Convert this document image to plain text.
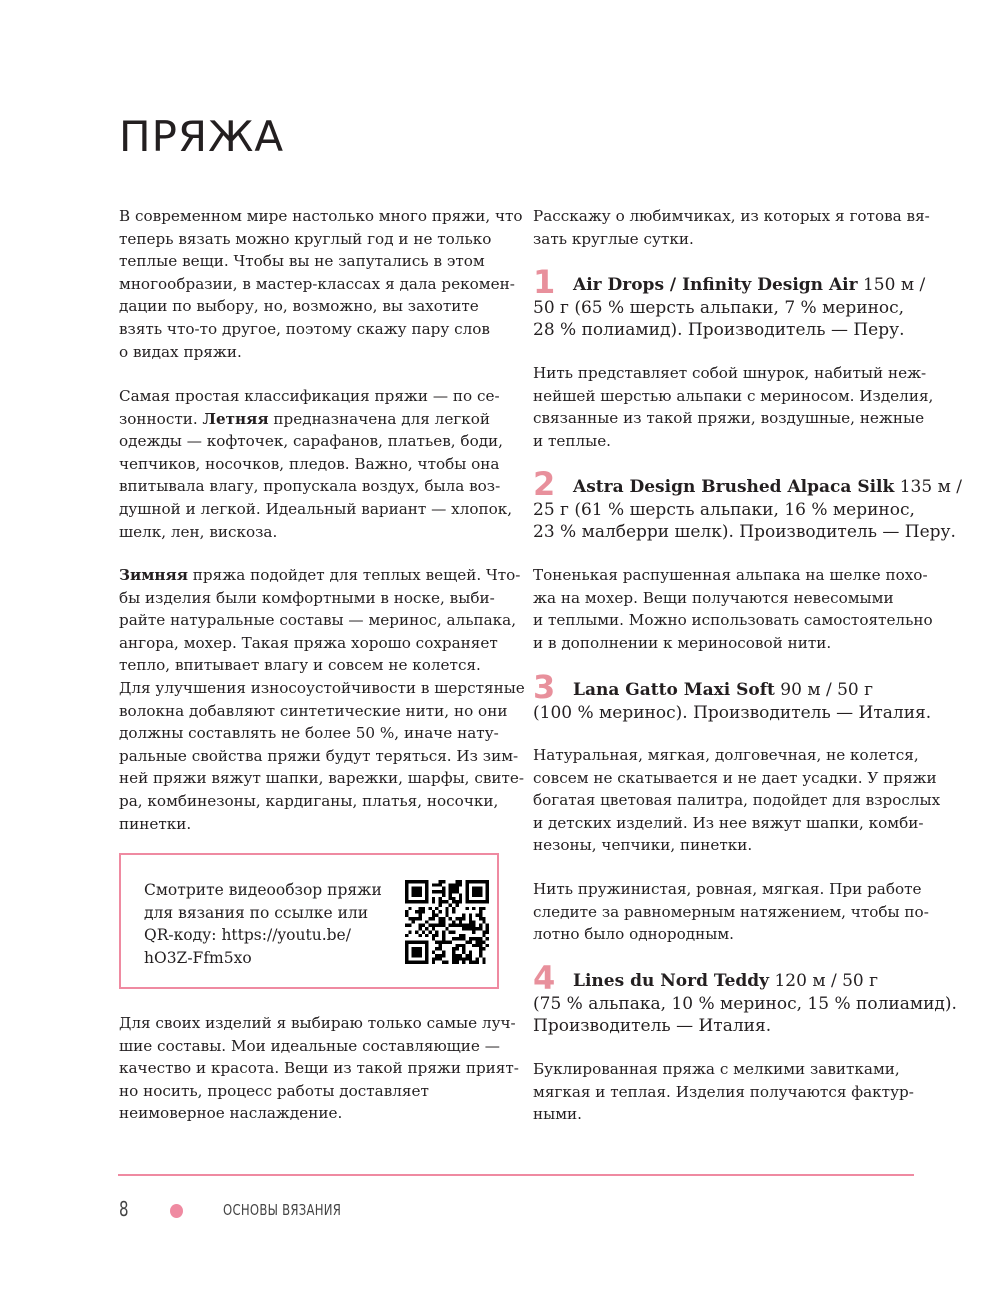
ПРЯЖА
В современном мире настолько много пряжи, что
теперь вязать можно круглый год и не только
теплые вещи. Чтобы вы не запутались в этом
многообразии, в мастер-классах я дала рекомен-
дации по выбору, но, возможно, вы захотите
взять что-то другое, поэтому скажу пару слов
о видах пряжи.
Самая простая классификация пряжи — по се-
зонности. Летняя предназначена для легкой
одежды — кофточек, сарафанов, платьев, боди,
чепчиков, носочков, пледов. Важно, чтобы она
впитывала влагу, пропускала воздух, была воз-
душной и легкой. Идеальный вариант — хлопок,
шелк, лен, вискоза.
Зимняя пряжа подойдет для теплых вещей. Что-
бы изделия были комфортными в носке, выби-
райте натуральные составы — меринос, альпака,
ангора, мохер. Такая пряжа хорошо сохраняет
тепло, впитывает влагу и совсем не колется.
Для улучшения износоустойчивости в шерстяные
волокна добавляют синтетические нити, но они
должны составлять не более 50 %, иначе нату-
ральные свойства пряжи будут теряться. Из зим-
ней пряжи вяжут шапки, варежки, шарфы, свите-
ра, комбинезоны, кардиганы, платья, носочки,
пинетки.
Для своих изделий я выбираю только самые луч-
шие составы. Мои идеальные составляющие —
качество и красота. Вещи из такой пряжи прият-
но носить, процесс работы доставляет
неимоверное наслаждение.
Расскажу о любимчиках, из которых я готова вя-
зать круглые сутки.
1 Air Drops / Infinity Design Air 150 м /
50 г (65 % шерсть альпаки, 7 % меринос,
28 % полиамид). Производитель — Перу.
Нить представляет собой шнурок, набитый неж-
нейшей шерстью альпаки с мериносом. Изделия,
связанные из такой пряжи, воздушные, нежные
и теплые.
2 Astra Design Brushed Alpaca Silk 135 м /
25 г (61 % шерсть альпаки, 16 % меринос,
23 % малберри шелк). Производитель — Перу.
Тоненькая распушенная альпака на шелке похо-
жа на мохер. Вещи получаются невесомыми
и теплыми. Можно использовать самостоятельно
и в дополнении к мериносовой нити.
3 Lana Gatto Maxi Soft 90 м / 50 г
(100 % меринос). Производитель — Италия.
Натуральная, мягкая, долговечная, не колется,
совсем не скатывается и не дает усадки. У пряжи
богатая цветовая палитра, подойдет для взрослых
и детских изделий. Из нее вяжут шапки, комби-
незоны, чепчики, пинетки.
Нить пружинистая, ровная, мягкая. При работе
следите за равномерным натяжением, чтобы по-
лотно было однородным.
4 Lines du Nord Teddy 120 м / 50 г
(75 % альпака, 10 % меринос, 15 % полиамид).
Производитель — Италия.
Буклированная пряжа с мелкими завитками,
мягкая и теплая. Изделия получаются фактур-
ными.
Смотрите видеообзор пряжи
для вязания по ссылке или
QR-коду: https://youtu.be/
hO3Z-Ffm5xo
8	ОСНОВЫ ВЯЗАНИЯ
